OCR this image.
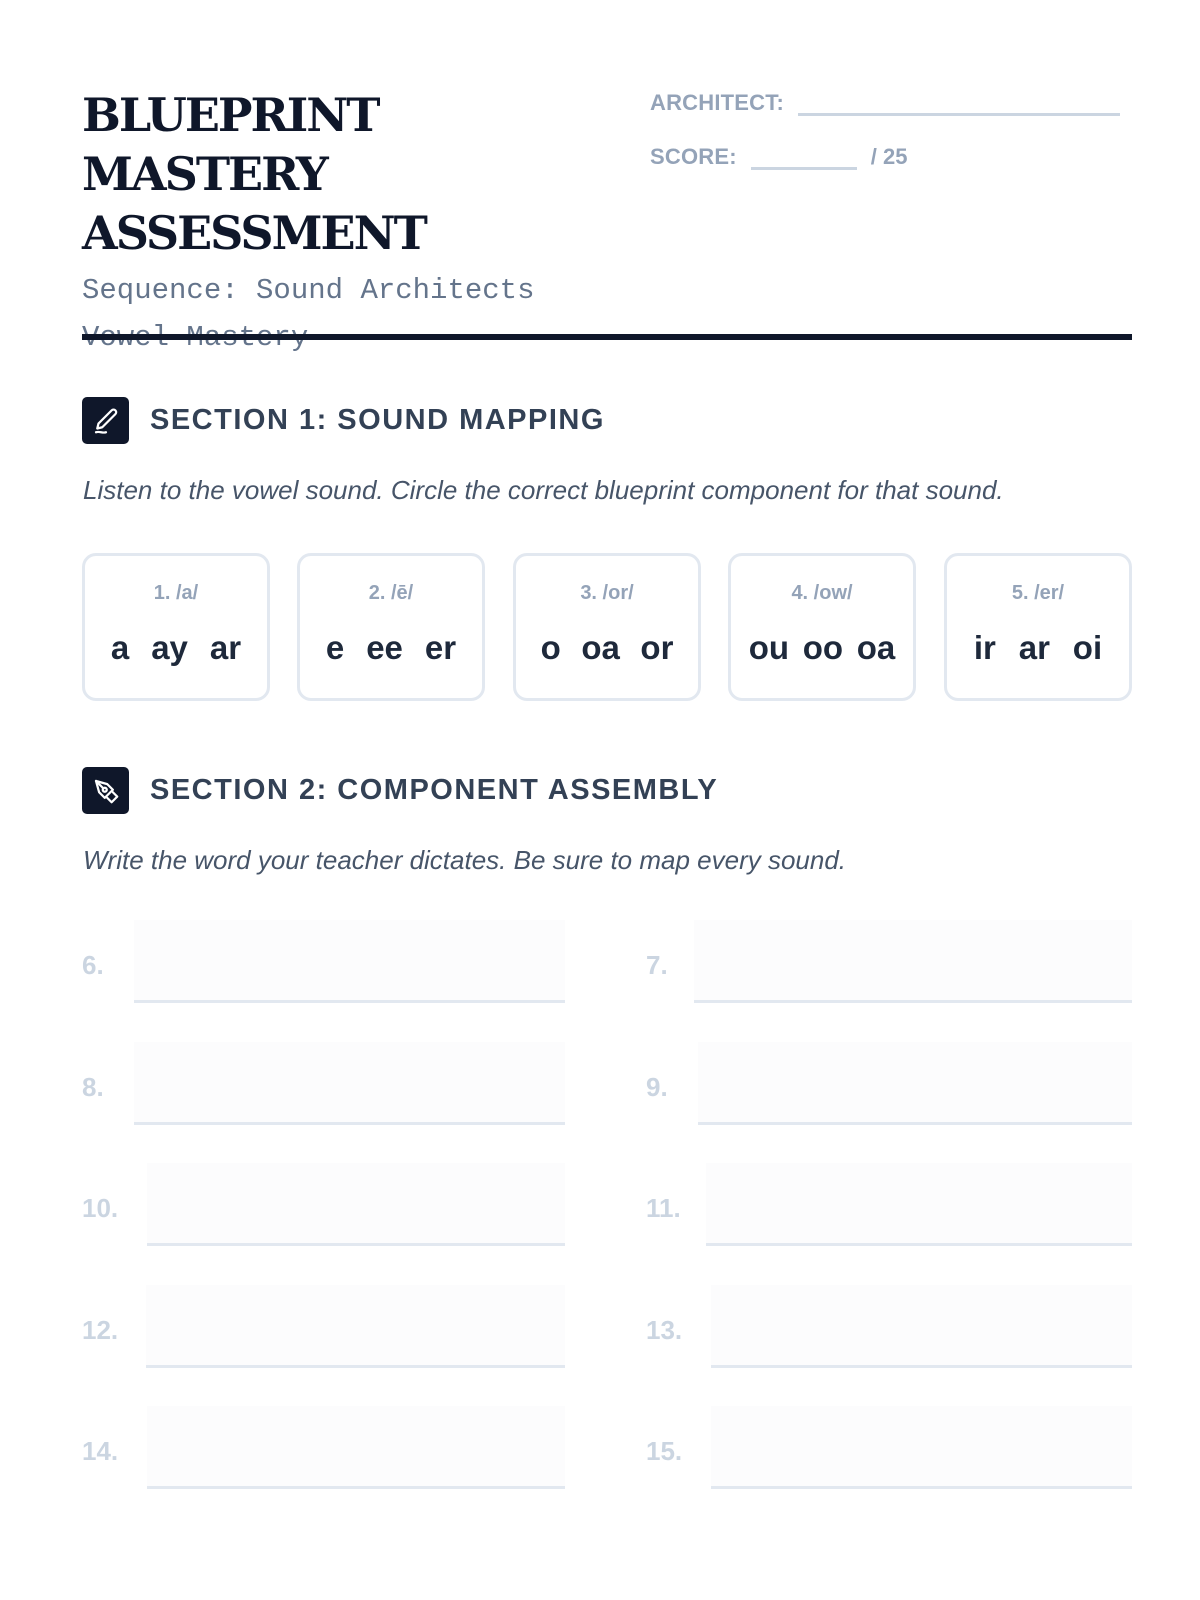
BLUEPRINT MASTERY ASSESSMENT
Sequence: Sound Architects
ARCHITECT:
SCORE:	/ 25
SECTION 1: SOUND MAPPING
Listen to the vowel sound. Circle the correct blueprint component for that sound.
1. /a/
a ay ar
2. /ē/
e ee er
3. /or/
o oa or
4. /ow/
ou oo oa
5. /er/
ir ar oi
SECTION 2: COMPONENT ASSEMBLY
Write the word your teacher dictates. Be sure to map every sound.
6.	7.
8.	9.
10.	11.
12.	13.
14.	15.
